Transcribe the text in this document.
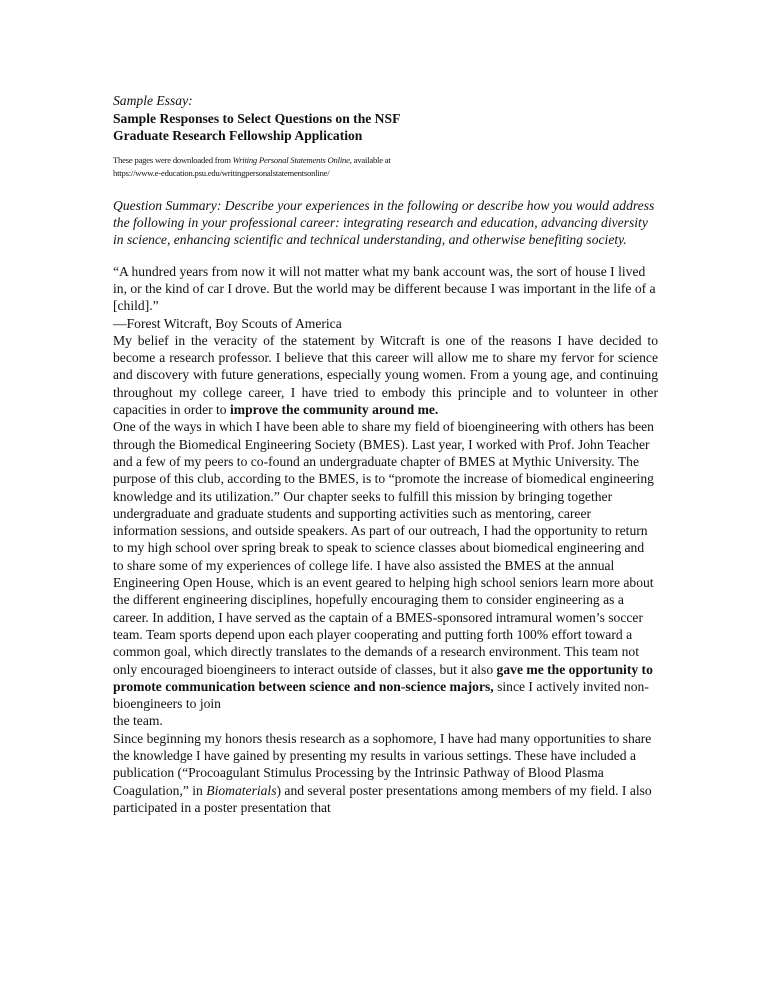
Sample Essay:
Sample Responses to Select Questions on the NSF
Graduate Research Fellowship Application
These pages were downloaded from Writing Personal Statements Online, available at
https://www.e-education.psu.edu/writingpersonalstatementsonline/

Question Summary: Describe your experiences in the following or describe how you would address the following in your professional career: integrating research and education, advancing diversity in science, enhancing scientific and technical understanding, and otherwise benefiting society.

“A hundred years from now it will not matter what my bank account was, the sort of house I lived in, or the kind of car I drove. But the world may be different because I was important in the life of a [child].”

—Forest Witcraft, Boy Scouts of America

My belief in the veracity of the statement by Witcraft is one of the reasons I have decided to become a research professor. I believe that this career will allow me to share my fervor for science and discovery with future generations, especially young women. From a young age, and continuing throughout my college career, I have tried to embody this principle and to volunteer in other capacities in order to improve the community around me.

One of the ways in which I have been able to share my field of bioengineering with others has been through the Biomedical Engineering Society (BMES). Last year, I worked with Prof. John Teacher and a few of my peers to co-found an undergraduate chapter of BMES at Mythic University. The purpose of this club, according to the BMES, is to “promote the increase of biomedical engineering knowledge and its utilization.” Our chapter seeks to fulfill this mission by bringing together undergraduate and graduate students and supporting activities such as mentoring, career information sessions, and outside speakers. As part of our outreach, I had the opportunity to return to my high school over spring break to speak to science classes about biomedical engineering and to share some of my experiences of college life. I have also assisted the BMES at the annual Engineering Open House, which is an event geared to helping high school seniors learn more about the different engineering disciplines, hopefully encouraging them to consider engineering as a career. In addition, I have served as the captain of a BMES-sponsored intramural women’s soccer team. Team sports depend upon each player cooperating and putting forth 100% effort toward a common goal, which directly translates to the demands of a research environment. This team not only encouraged bioengineers to interact outside of classes, but it also gave me the opportunity to promote communication between science and non-science majors, since I actively invited non-bioengineers to join
the team.

Since beginning my honors thesis research as a sophomore, I have had many opportunities to share the knowledge I have gained by presenting my results in various settings. These have included a publication (“Procoagulant Stimulus Processing by the Intrinsic Pathway of Blood Plasma Coagulation,” in Biomaterials) and several poster presentations among members of my field. I also participated in a poster presentation that
